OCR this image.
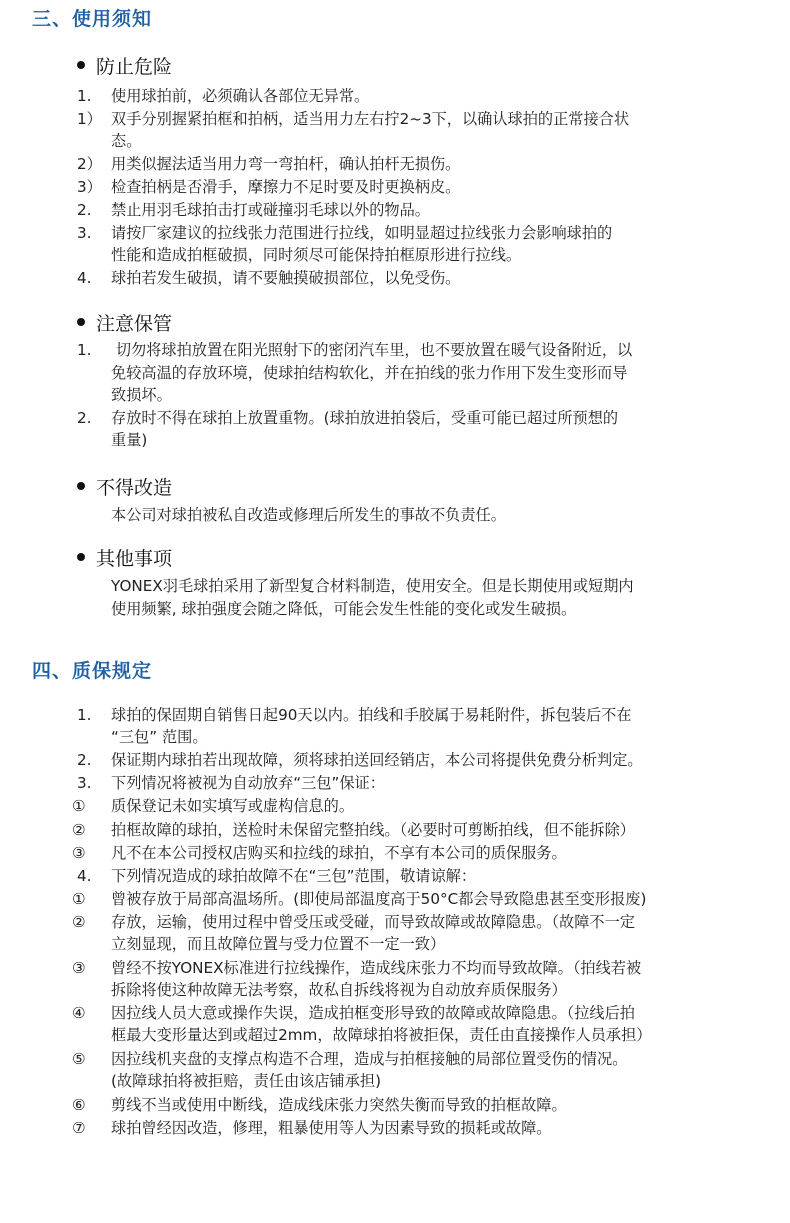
三、使用须知
防止危险
1. 使用球拍前，必须确认各部位无异常。
1） 双手分别握紧拍框和拍柄，适当用力左右拧2~3下，以确认球拍的正常接合状
态。
2） 用类似握法适当用力弯一弯拍杆，确认拍杆无损伤。
3） 检查拍柄是否滑手，摩擦力不足时要及时更换柄皮。
2. 禁止用羽毛球拍击打或碰撞羽毛球以外的物品。
3. 请按厂家建议的拉线张力范围进行拉线，如明显超过拉线张力会影响球拍的
性能和造成拍框破损，同时须尽可能保持拍框原形进行拉线。
4. 球拍若发生破损，请不要触摸破损部位，以免受伤。
注意保管
1. 切勿将球拍放置在阳光照射下的密闭汽车里，也不要放置在暖气设备附近，以
免较高温的存放环境，使球拍结构软化，并在拍线的张力作用下发生变形而导
致损坏。
2. 存放时不得在球拍上放置重物。(球拍放进拍袋后，受重可能已超过所预想的
重量)
不得改造
本公司对球拍被私自改造或修理后所发生的事故不负责任。
其他事项
YONEX羽毛球拍采用了新型复合材料制造，使用安全。但是长期使用或短期内
使用频繁, 球拍强度会随之降低，可能会发生性能的变化或发生破损。
四、质保规定
1. 球拍的保固期自销售日起90天以内。拍线和手胶属于易耗附件，拆包装后不在
“三包” 范围。
2. 保证期内球拍若出现故障，须将球拍送回经销店，本公司将提供免费分析判定。
3. 下列情况将被视为自动放弃“三包”保证：
① 质保登记未如实填写或虚构信息的。
② 拍框故障的球拍，送检时未保留完整拍线。（必要时可剪断拍线，但不能拆除）
③ 凡不在本公司授权店购买和拉线的球拍，不享有本公司的质保服务。
4. 下列情况造成的球拍故障不在“三包”范围，敬请谅解：
① 曾被存放于局部高温场所。(即使局部温度高于50°C都会导致隐患甚至变形报废)
② 存放，运输，使用过程中曾受压或受碰，而导致故障或故障隐患。（故障不一定
立刻显现，而且故障位置与受力位置不一定一致）
③ 曾经不按YONEX标准进行拉线操作，造成线床张力不均而导致故障。（拍线若被
拆除将使这种故障无法考察，故私自拆线将视为自动放弃质保服务）
④ 因拉线人员大意或操作失误，造成拍框变形导致的故障或故障隐患。（拉线后拍
框最大变形量达到或超过2mm，故障球拍将被拒保，责任由直接操作人员承担）
⑤ 因拉线机夹盘的支撑点构造不合理，造成与拍框接触的局部位置受伤的情况。
(故障球拍将被拒赔，责任由该店铺承担)
⑥ 剪线不当或使用中断线，造成线床张力突然失衡而导致的拍框故障。
⑦ 球拍曾经因改造，修理，粗暴使用等人为因素导致的损耗或故障。
